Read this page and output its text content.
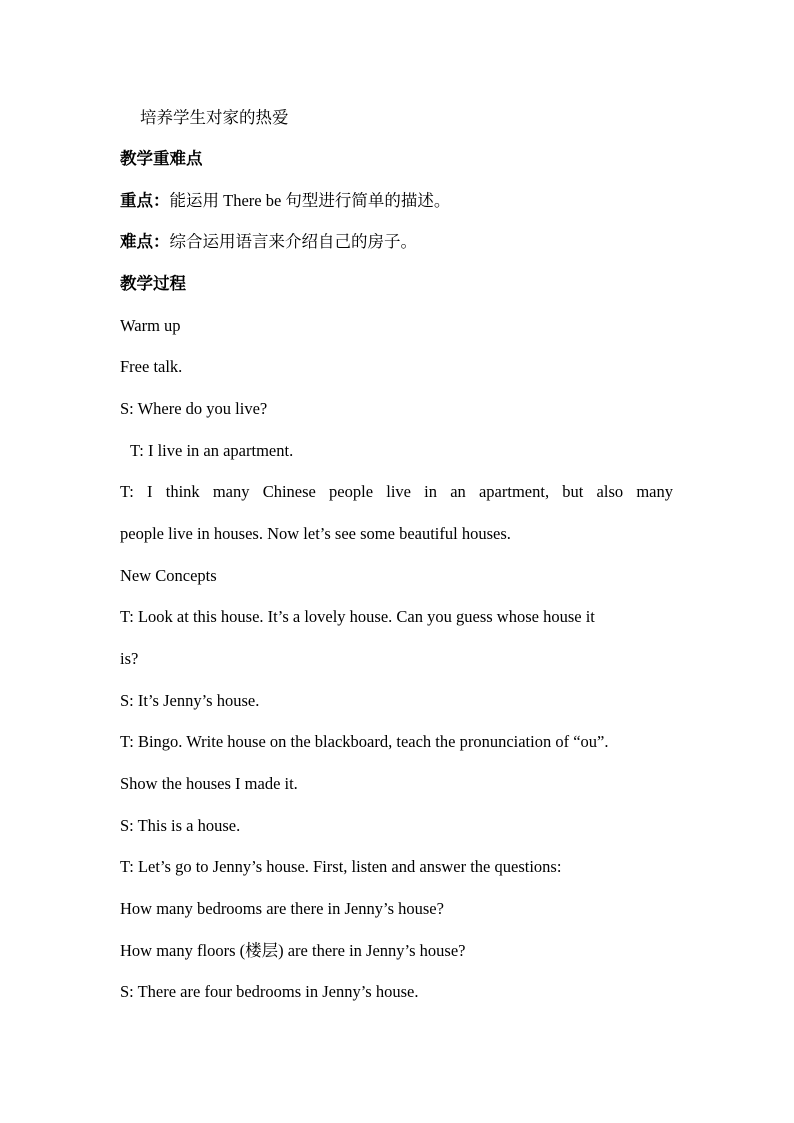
培养学生对家的热爱
教学重难点
重点：能运用 There be 句型进行简单的描述。
难点：综合运用语言来介绍自己的房子。
教学过程
Warm up
Free talk.
S: Where do you live?
T: I live in an apartment.
T: I think many Chinese people live in an apartment, but also many
people live in houses. Now let’s see some beautiful houses.
New Concepts
T: Look at this house. It’s a lovely house. Can you guess whose house it
is?
S: It’s Jenny’s house.
T: Bingo. Write house on the blackboard, teach the pronunciation of “ou”.
Show the houses I made it.
S: This is a house.
T: Let’s go to Jenny’s house. First, listen and answer the questions:
How many bedrooms are there in Jenny’s house?
How many floors (楼层) are there in Jenny’s house?
S: There are four bedrooms in Jenny’s house.
